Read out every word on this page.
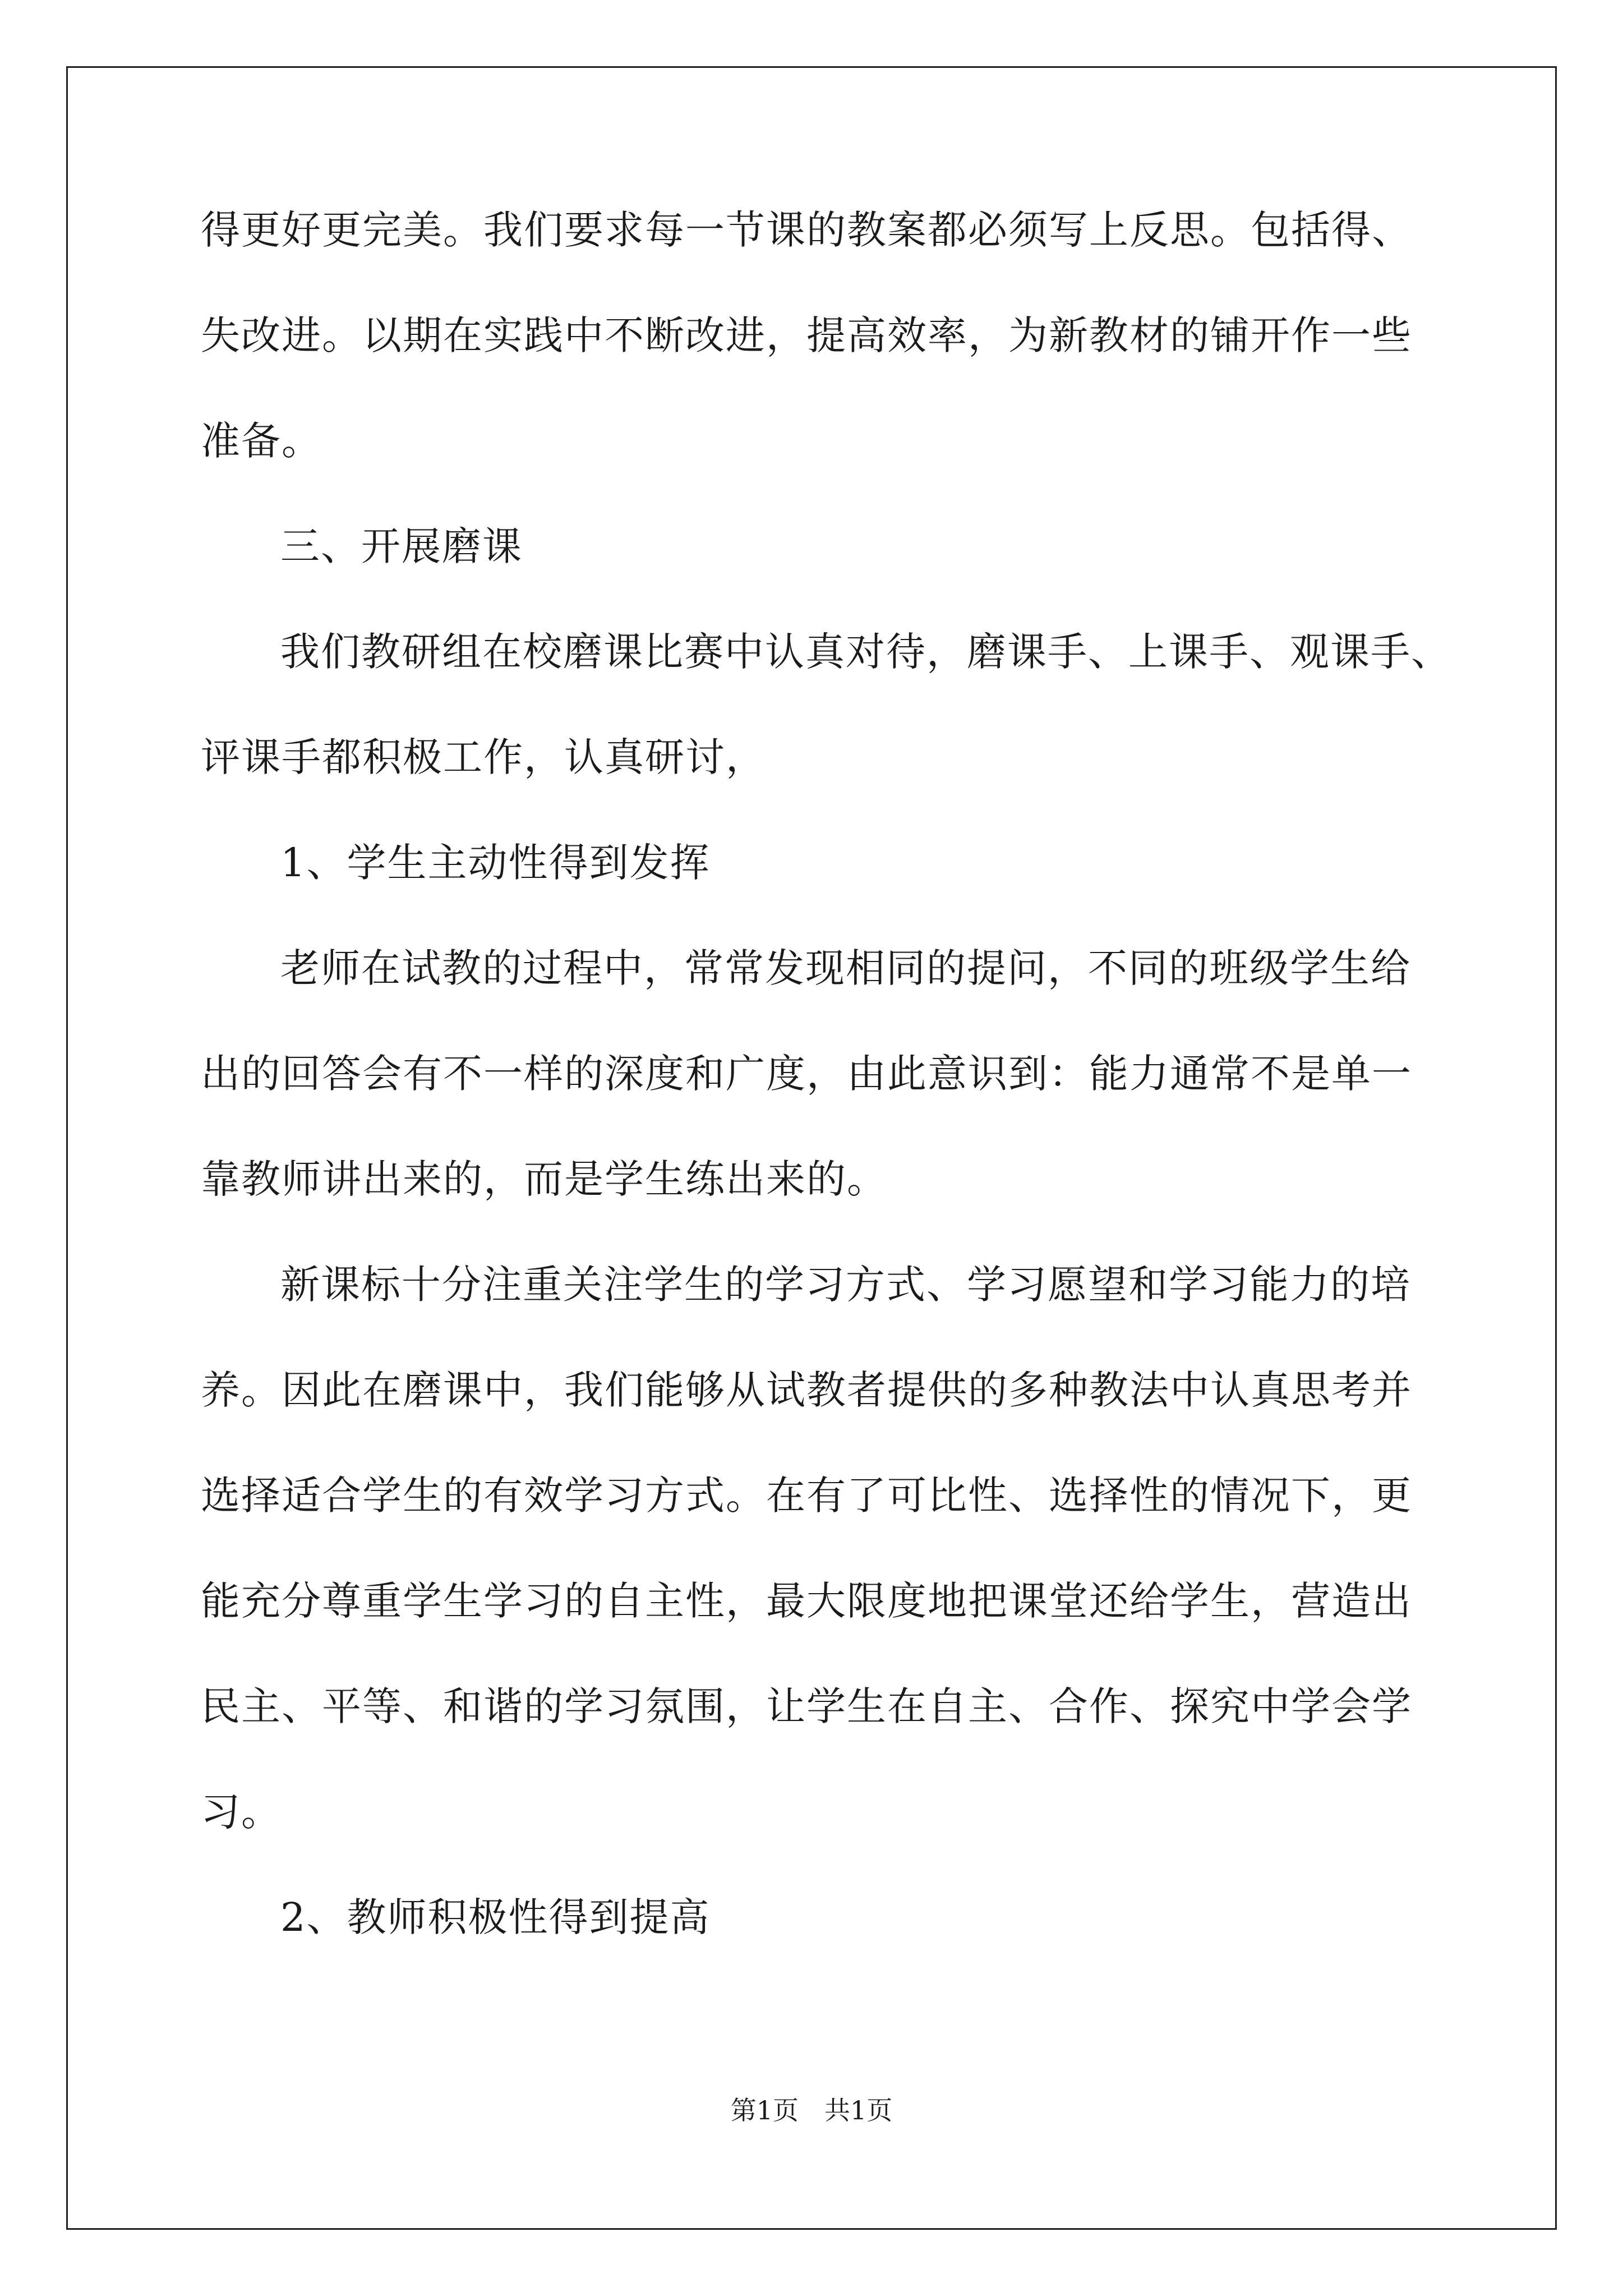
得更好更完美。我们要求每一节课的教案都必须写上反思。包括得、
失改进。以期在实践中不断改进，提高效率，为新教材的铺开作一些
准备。
三、开展磨课
我们教研组在校磨课比赛中认真对待，磨课手、上课手、观课手、
评课手都积极工作，认真研讨，
1、学生主动性得到发挥
老师在试教的过程中，常常发现相同的提问，不同的班级学生给
出的回答会有不一样的深度和广度，由此意识到：能力通常不是单一
靠教师讲出来的，而是学生练出来的。
新课标十分注重关注学生的学习方式、学习愿望和学习能力的培
养。因此在磨课中，我们能够从试教者提供的多种教法中认真思考并
选择适合学生的有效学习方式。在有了可比性、选择性的情况下，更
能充分尊重学生学习的自主性，最大限度地把课堂还给学生，营造出
民主、平等、和谐的学习氛围，让学生在自主、合作、探究中学会学
习。
2、教师积极性得到提高
第1页　共1页
